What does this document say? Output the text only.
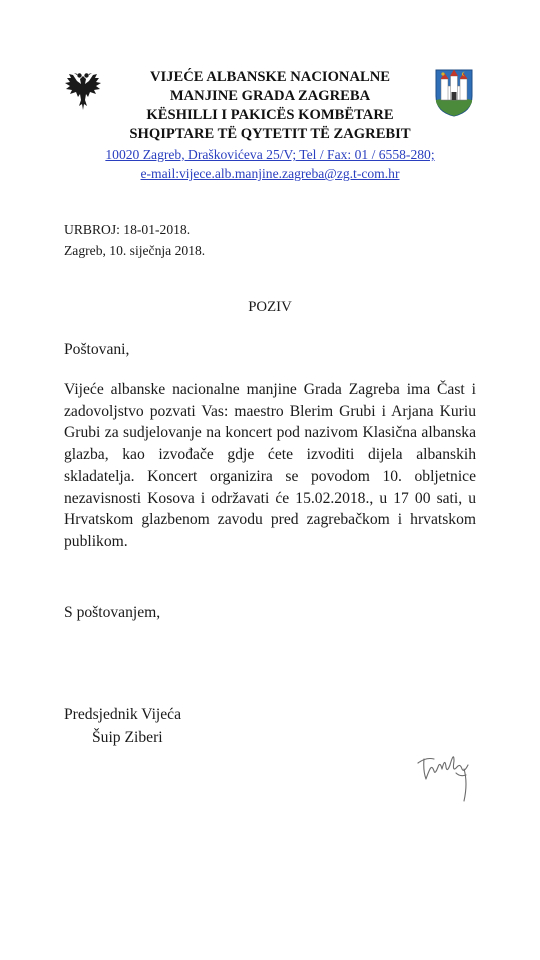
VIJEĆE ALBANSKE NACIONALNE
MANJINE GRADA ZAGREBA
KËSHILLI I PAKICËS KOMBËTARE
SHQIPTARE TË QYTETIT TË ZAGREBIT
10020 Zagreb, Draškovićeva 25/V; Tel / Fax: 01 / 6558-280;
e-mail:vijece.alb.manjine.zagreba@zg.t-com.hr
URBROJ: 18-01-2018.
Zagreb, 10. siječnja 2018.
POZIV
Poštovani,

Vijeće albanske nacionalne manjine Grada Zagreba ima Čast i zadovoljstvo pozvati Vas: maestro Blerim Grubi i Arjana Kuriu Grubi za sudjelovanje na koncert pod nazivom Klasična albanska glazba, kao izvođače gdje ćete izvoditi dijela albanskih skladatelja. Koncert organizira se povodom 10. obljetnice nezavisnosti Kosova i održavati će 15.02.2018., u 17 00 sati, u Hrvatskom glazbenom zavodu pred zagrebačkom i hrvatskom publikom.

S poštovanjem,
Predsjednik Vijeća
Šuip Ziberi
